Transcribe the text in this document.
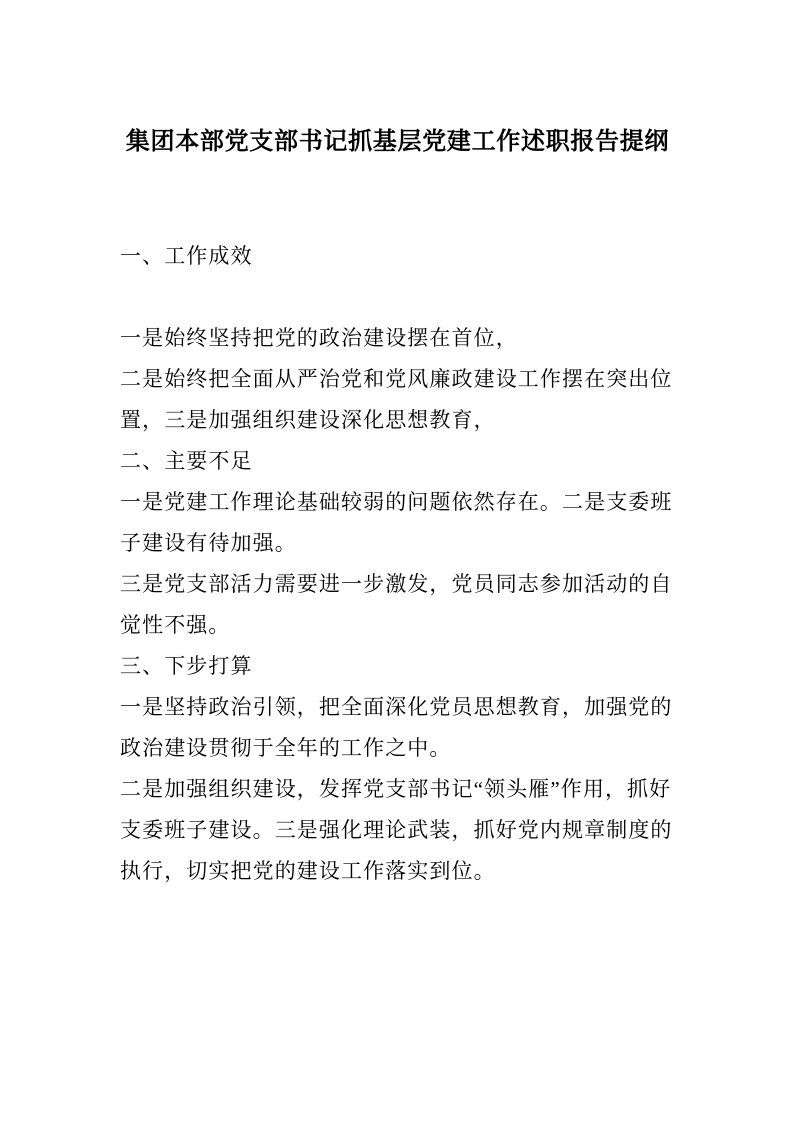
集团本部党支部书记抓基层党建工作述职报告提纲

一、工作成效

一是始终坚持把党的政治建设摆在首位，

二是始终把全面从严治党和党风廉政建设工作摆在突出位置，三是加强组织建设深化思想教育，

二、主要不足

一是党建工作理论基础较弱的问题依然存在。二是支委班子建设有待加强。

三是党支部活力需要进一步激发，党员同志参加活动的自觉性不强。

三、下步打算

一是坚持政治引领，把全面深化党员思想教育，加强党的政治建设贯彻于全年的工作之中。

二是加强组织建设，发挥党支部书记“领头雁”作用，抓好支委班子建设。三是强化理论武装，抓好党内规章制度的执行，切实把党的建设工作落实到位。
